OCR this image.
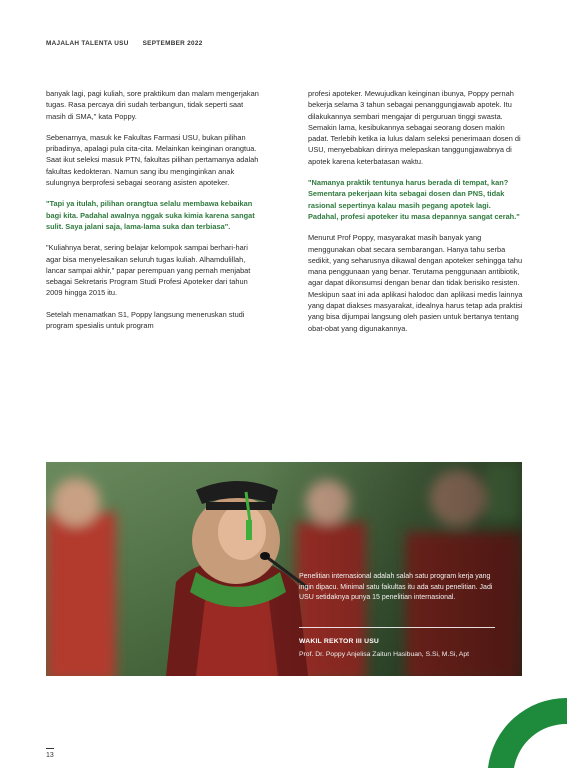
MAJALAH TALENTA USU SEPTEMBER 2022

banyak lagi, pagi kuliah, sore praktikum dan malam mengerjakan tugas. Rasa percaya diri sudah terbangun, tidak seperti saat masih di SMA," kata Poppy.

Sebenarnya, masuk ke Fakultas Farmasi USU, bukan pilihan pribadinya, apalagi pula cita-cita. Melainkan keinginan orangtua. Saat ikut seleksi masuk PTN, fakultas pilihan pertamanya adalah fakultas kedokteran. Namun sang ibu menginginkan anak sulungnya berprofesi sebagai seorang asisten apoteker.

"Tapi ya itulah, pilihan orangtua selalu membawa kebaikan bagi kita. Padahal awalnya nggak suka kimia karena sangat sulit. Saya jalani saja, lama-lama suka dan terbiasa".

"Kuliahnya berat, sering belajar kelompok sampai berhari-hari agar bisa menyelesaikan seluruh tugas kuliah. Alhamdulillah, lancar sampai akhir," papar perempuan yang pernah menjabat sebagai Sekretaris Program Studi Profesi Apoteker dari tahun 2009 hingga 2015 itu.

Setelah menamatkan S1, Poppy langsung meneruskan studi program spesialis untuk program

profesi apoteker. Mewujudkan keinginan ibunya, Poppy pernah bekerja selama 3 tahun sebagai penanggungjawab apotek. Itu dilakukannya sembari mengajar di perguruan tinggi swasta. Semakin lama, kesibukannya sebagai seorang dosen makin padat. Terlebih ketika ia lulus dalam seleksi penerimaan dosen di USU, menyebabkan dirinya melepaskan tanggungjawabnya di apotek karena keterbatasan waktu.

"Namanya praktik tentunya harus berada di tempat, kan? Sementara pekerjaan kita sebagai dosen dan PNS, tidak rasional sepertinya kalau masih pegang apotek lagi. Padahal, profesi apoteker itu masa depannya sangat cerah."

Menurut Prof Poppy, masyarakat masih banyak yang menggunakan obat secara sembarangan. Hanya tahu serba sedikit, yang seharusnya dikawal dengan apoteker sehingga tahu mana penggunaan yang benar. Terutama penggunaan antibiotik, agar dapat dikonsumsi dengan benar dan tidak berisiko resisten. Meskipun saat ini ada aplikasi halodoc dan aplikasi medis lainnya yang dapat diakses masyarakat, idealnya harus tetap ada praktisi yang bisa dijumpai langsung oleh pasien untuk bertanya tentang obat-obat yang digunakannya.

Penelitian internasional adalah salah satu program kerja yang ingin dipacu. Minimal satu fakultas itu ada satu penelitian. Jadi USU setidaknya punya 15 penelitian internasional.
WAKIL REKTOR III USU
Prof. Dr. Poppy Anjelisa Zaitun Hasibuan, S.Si, M.Si, Apt
13
